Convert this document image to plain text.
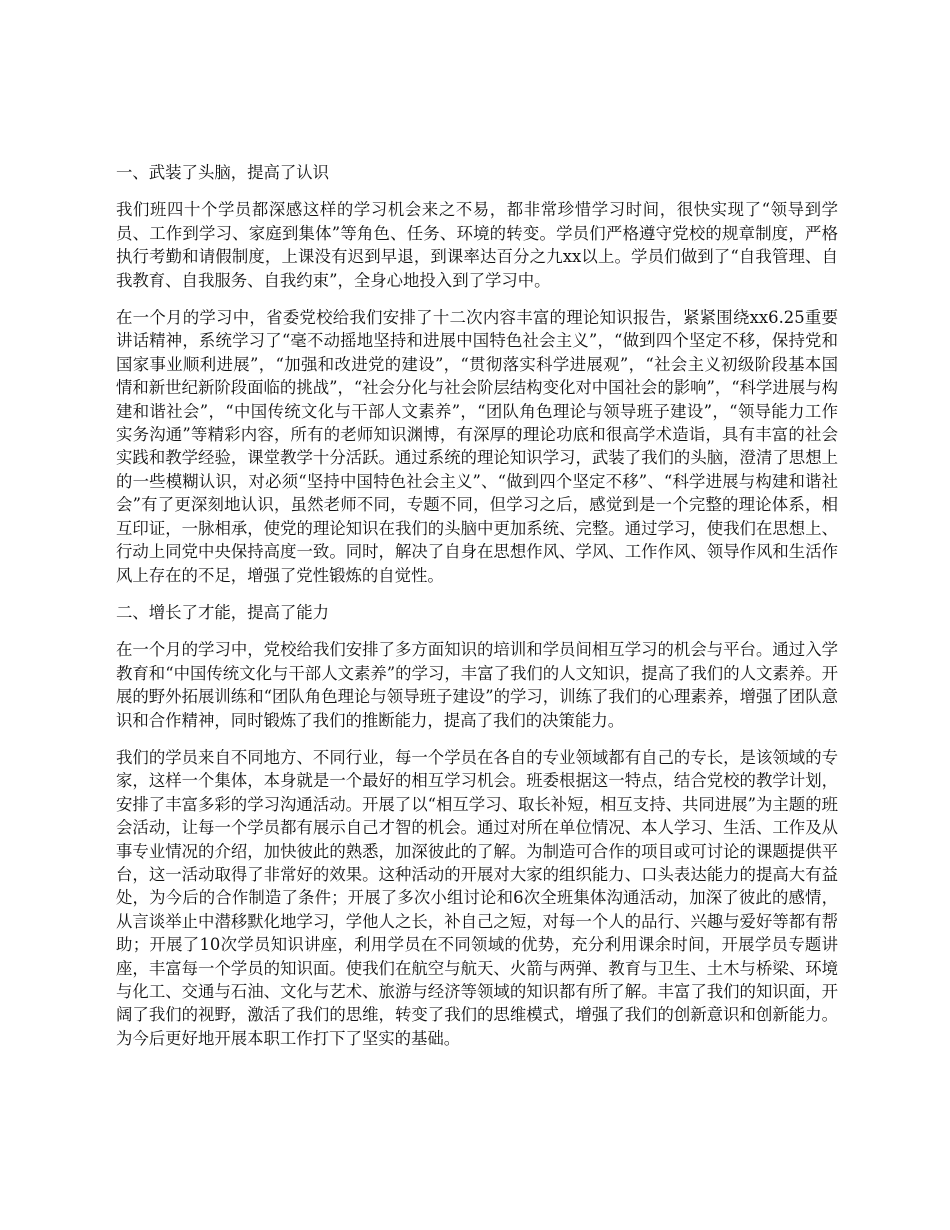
一、武装了头脑，提高了认识

我们班四十个学员都深感这样的学习机会来之不易，都非常珍惜学习时间，很快实现了“领导到学员、工作到学习、家庭到集体”等角色、任务、环境的转变。学员们严格遵守党校的规章制度，严格执行考勤和请假制度，上课没有迟到早退，到课率达百分之九xx以上。学员们做到了“自我管理、自我教育、自我服务、自我约束”，全身心地投入到了学习中。

在一个月的学习中，省委党校给我们安排了十二次内容丰富的理论知识报告，紧紧围绕xx6.25重要讲话精神，系统学习了“毫不动摇地坚持和进展中国特色社会主义”，“做到四个坚定不移，保持党和国家事业顺利进展”，“加强和改进党的建设”，“贯彻落实科学进展观”，“社会主义初级阶段基本国情和新世纪新阶段面临的挑战”，“社会分化与社会阶层结构变化对中国社会的影响”，“科学进展与构建和谐社会”，“中国传统文化与干部人文素养”，“团队角色理论与领导班子建设”，“领导能力工作实务沟通”等精彩内容，所有的老师知识渊博，有深厚的理论功底和很高学术造诣，具有丰富的社会实践和教学经验，课堂教学十分活跃。通过系统的理论知识学习，武装了我们的头脑，澄清了思想上的一些模糊认识，对必须“坚持中国特色社会主义”、“做到四个坚定不移”、“科学进展与构建和谐社会”有了更深刻地认识，虽然老师不同，专题不同，但学习之后，感觉到是一个完整的理论体系，相互印证，一脉相承，使党的理论知识在我们的头脑中更加系统、完整。通过学习，使我们在思想上、行动上同党中央保持高度一致。同时，解决了自身在思想作风、学风、工作作风、领导作风和生活作风上存在的不足，增强了党性锻炼的自觉性。

二、增长了才能，提高了能力

在一个月的学习中，党校给我们安排了多方面知识的培训和学员间相互学习的机会与平台。通过入学教育和“中国传统文化与干部人文素养”的学习，丰富了我们的人文知识，提高了我们的人文素养。开展的野外拓展训练和“团队角色理论与领导班子建设”的学习，训练了我们的心理素养，增强了团队意识和合作精神，同时锻炼了我们的推断能力，提高了我们的决策能力。

我们的学员来自不同地方、不同行业，每一个学员在各自的专业领域都有自己的专长，是该领域的专家，这样一个集体，本身就是一个最好的相互学习机会。班委根据这一特点，结合党校的教学计划，安排了丰富多彩的学习沟通活动。开展了以“相互学习、取长补短，相互支持、共同进展”为主题的班会活动，让每一个学员都有展示自己才智的机会。通过对所在单位情况、本人学习、生活、工作及从事专业情况的介绍，加快彼此的熟悉，加深彼此的了解。为制造可合作的项目或可讨论的课题提供平台，这一活动取得了非常好的效果。这种活动的开展对大家的组织能力、口头表达能力的提高大有益处，为今后的合作制造了条件；开展了多次小组讨论和6次全班集体沟通活动，加深了彼此的感情，从言谈举止中潜移默化地学习，学他人之长，补自己之短，对每一个人的品行、兴趣与爱好等都有帮助；开展了10次学员知识讲座，利用学员在不同领域的优势，充分利用课余时间，开展学员专题讲座，丰富每一个学员的知识面。使我们在航空与航天、火箭与两弹、教育与卫生、土木与桥梁、环境与化工、交通与石油、文化与艺术、旅游与经济等领域的知识都有所了解。丰富了我们的知识面，开阔了我们的视野，激活了我们的思维，转变了我们的思维模式，增强了我们的创新意识和创新能力。为今后更好地开展本职工作打下了坚实的基础。
